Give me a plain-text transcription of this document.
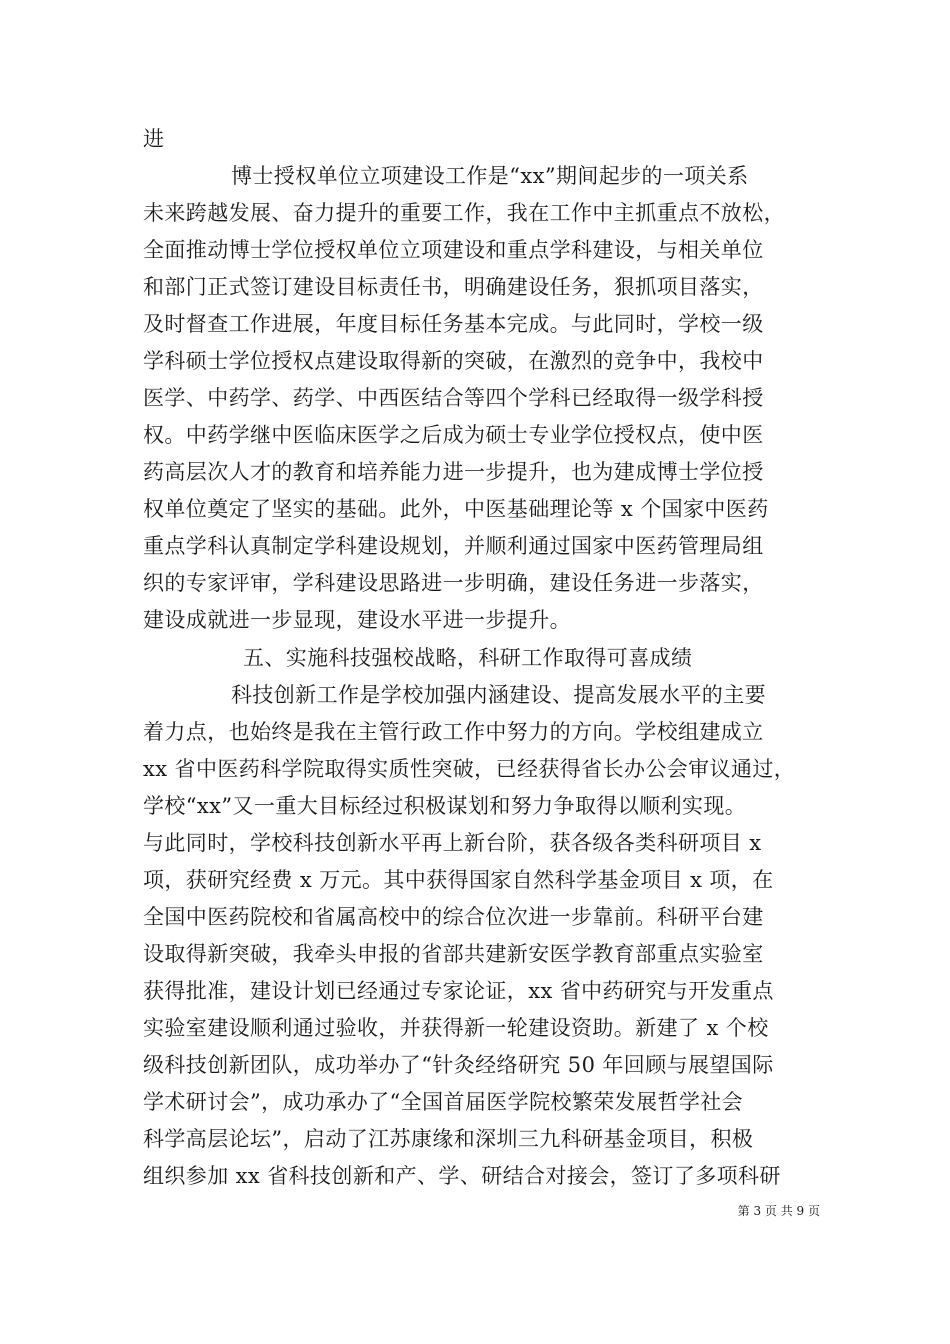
进
博士授权单位立项建设工作是“xx”期间起步的一项关系
未来跨越发展、奋力提升的重要工作，我在工作中主抓重点不放松，
全面推动博士学位授权单位立项建设和重点学科建设，与相关单位
和部门正式签订建设目标责任书，明确建设任务，狠抓项目落实，
及时督查工作进展，年度目标任务基本完成。与此同时，学校一级
学科硕士学位授权点建设取得新的突破，在激烈的竞争中，我校中
医学、中药学、药学、中西医结合等四个学科已经取得一级学科授
权。中药学继中医临床医学之后成为硕士专业学位授权点，使中医
药高层次人才的教育和培养能力进一步提升，也为建成博士学位授
权单位奠定了坚实的基础。此外，中医基础理论等 x 个国家中医药
重点学科认真制定学科建设规划，并顺利通过国家中医药管理局组
织的专家评审，学科建设思路进一步明确，建设任务进一步落实，
建设成就进一步显现，建设水平进一步提升。
五、实施科技强校战略，科研工作取得可喜成绩
科技创新工作是学校加强内涵建设、提高发展水平的主要
着力点，也始终是我在主管行政工作中努力的方向。学校组建成立
xx 省中医药科学院取得实质性突破，已经获得省长办公会审议通过，
学校“xx”又一重大目标经过积极谋划和努力争取得以顺利实现。
与此同时，学校科技创新水平再上新台阶，获各级各类科研项目 x
项，获研究经费 x 万元。其中获得国家自然科学基金项目 x 项，在
全国中医药院校和省属高校中的综合位次进一步靠前。科研平台建
设取得新突破，我牵头申报的省部共建新安医学教育部重点实验室
获得批准，建设计划已经通过专家论证，xx 省中药研究与开发重点
实验室建设顺利通过验收，并获得新一轮建设资助。新建了 x 个校
级科技创新团队，成功举办了“针灸经络研究 50 年回顾与展望国际
学术研讨会”，成功承办了“全国首届医学院校繁荣发展哲学社会
科学高层论坛”，启动了江苏康缘和深圳三九科研基金项目，积极
组织参加 xx 省科技创新和产、学、研结合对接会，签订了多项科研
第 3 页 共 9 页
